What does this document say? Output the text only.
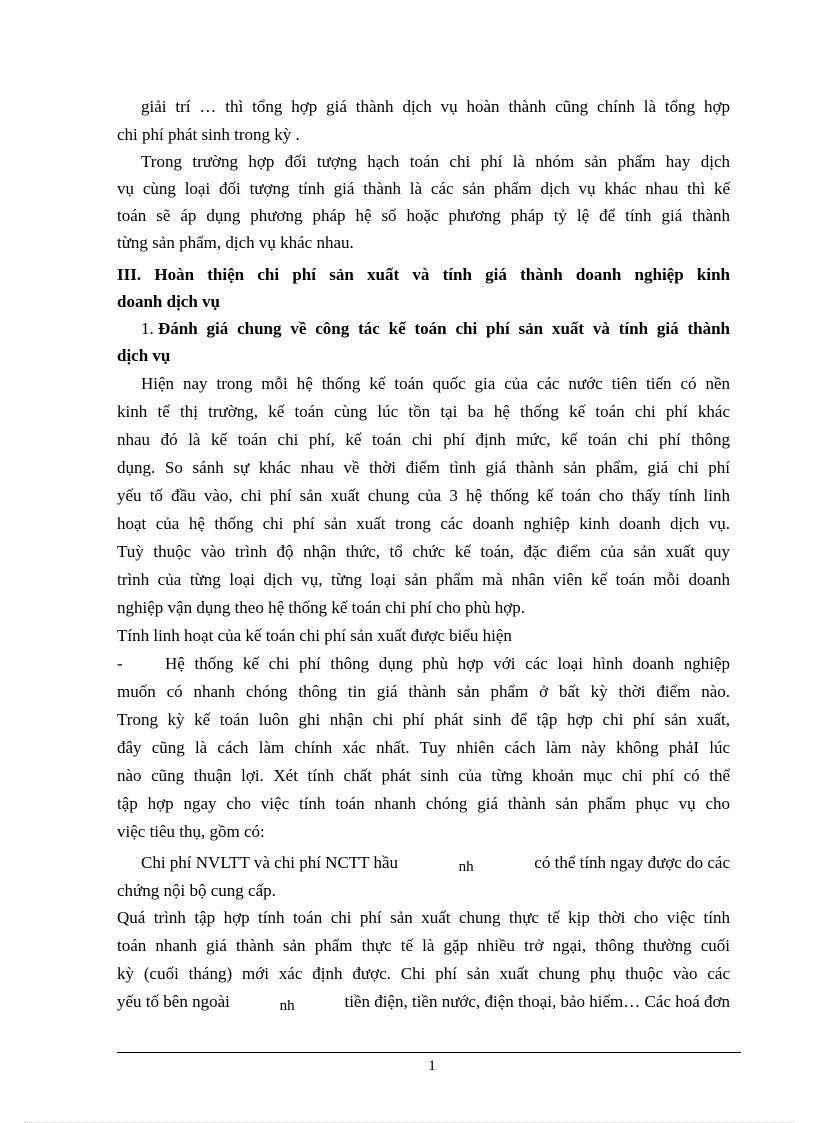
giải trí … thì tổng hợp giá thành dịch vụ hoàn thành cũng chính là tổng hợp
chi phí phát sinh trong kỳ .
Trong trường hợp đối tượng hạch toán chi phí là nhóm sản phẩm hay dịch
vụ cùng loại đối tượng tính giá thành là các sản phẩm dịch vụ khác nhau thì kế
toán sẽ áp dụng phương pháp hệ số hoặc phương pháp tỷ lệ để tính giá thành
từng sản phẩm, dịch vụ khác nhau.
III. Hoàn thiện chi phí sản xuất và tính giá thành doanh nghiệp kinh
doanh dịch vụ
1. Đánh giá chung về công tác kế toán chi phí sản xuất và tính giá thành
dịch vụ
Hiện nay trong mỗi hệ thống kế toán quốc gia của các nước tiên tiến có nền
kinh tế thị trường, kế toán cùng lúc tồn tại ba hệ thống kế toán chi phí khác
nhau đó là kế toán chi phí, kế toán chi phí định mức, kế toán chi phí thông
dụng. So sánh sự khác nhau về thời điểm tình giá thành sản phẩm, giá chi phí
yếu tố đầu vào, chi phí sản xuất chung của 3 hệ thống kế toán cho thấy tính linh
hoạt của hệ thống chi phí sản xuất trong các doanh nghiệp kinh doanh dịch vụ.
Tuỳ thuộc vào trình độ nhận thức, tổ chức kế toán, đặc điểm của sản xuất quy
trình của từng loại dịch vụ, từng loại sản phẩm mà nhân viên kế toán mỗi doanh
nghiệp vận dụng theo hệ thống kế toán chi phí cho phù hợp.
Tính linh hoạt của kế toán chi phí sản xuất được biểu hiện
-	Hệ thống kế chi phí thông dụng phù hợp với các loại hình doanh nghiệp
muốn có nhanh chóng thông tin giá thành sản phẩm ở bất kỳ thời điểm nào.
Trong kỳ kế toán luôn ghi nhận chi phí phát sinh để tập hợp chi phí sản xuất,
đây cũng là cách làm chính xác nhất. Tuy nhiên cách làm này không phảI lúc
nào cũng thuận lợi. Xét tính chất phát sinh của từng khoản mục chi phí có thể
tập hợp ngay cho việc tính toán nhanh chóng giá thành sản phẩm phục vụ cho
việc tiêu thụ, gồm có:
Chi phí NVLTT và chi phí NCTT hầu	nh	có thể tính ngay được do các
chứng nội bộ cung cấp.
Quá trình tập hợp tính toán chi phí sản xuất chung thực tế kịp thời cho việc tính
toán nhanh giá thành sản phẩm thực tế là gặp nhiều trở ngại, thông thường cuối
kỳ (cuối tháng) mới xác định được. Chi phí sản xuất chung phụ thuộc vào các
yếu tố bên ngoài	nh	tiền điện, tiền nước, điện thoại, bảo hiểm… Các hoá đơn
1
